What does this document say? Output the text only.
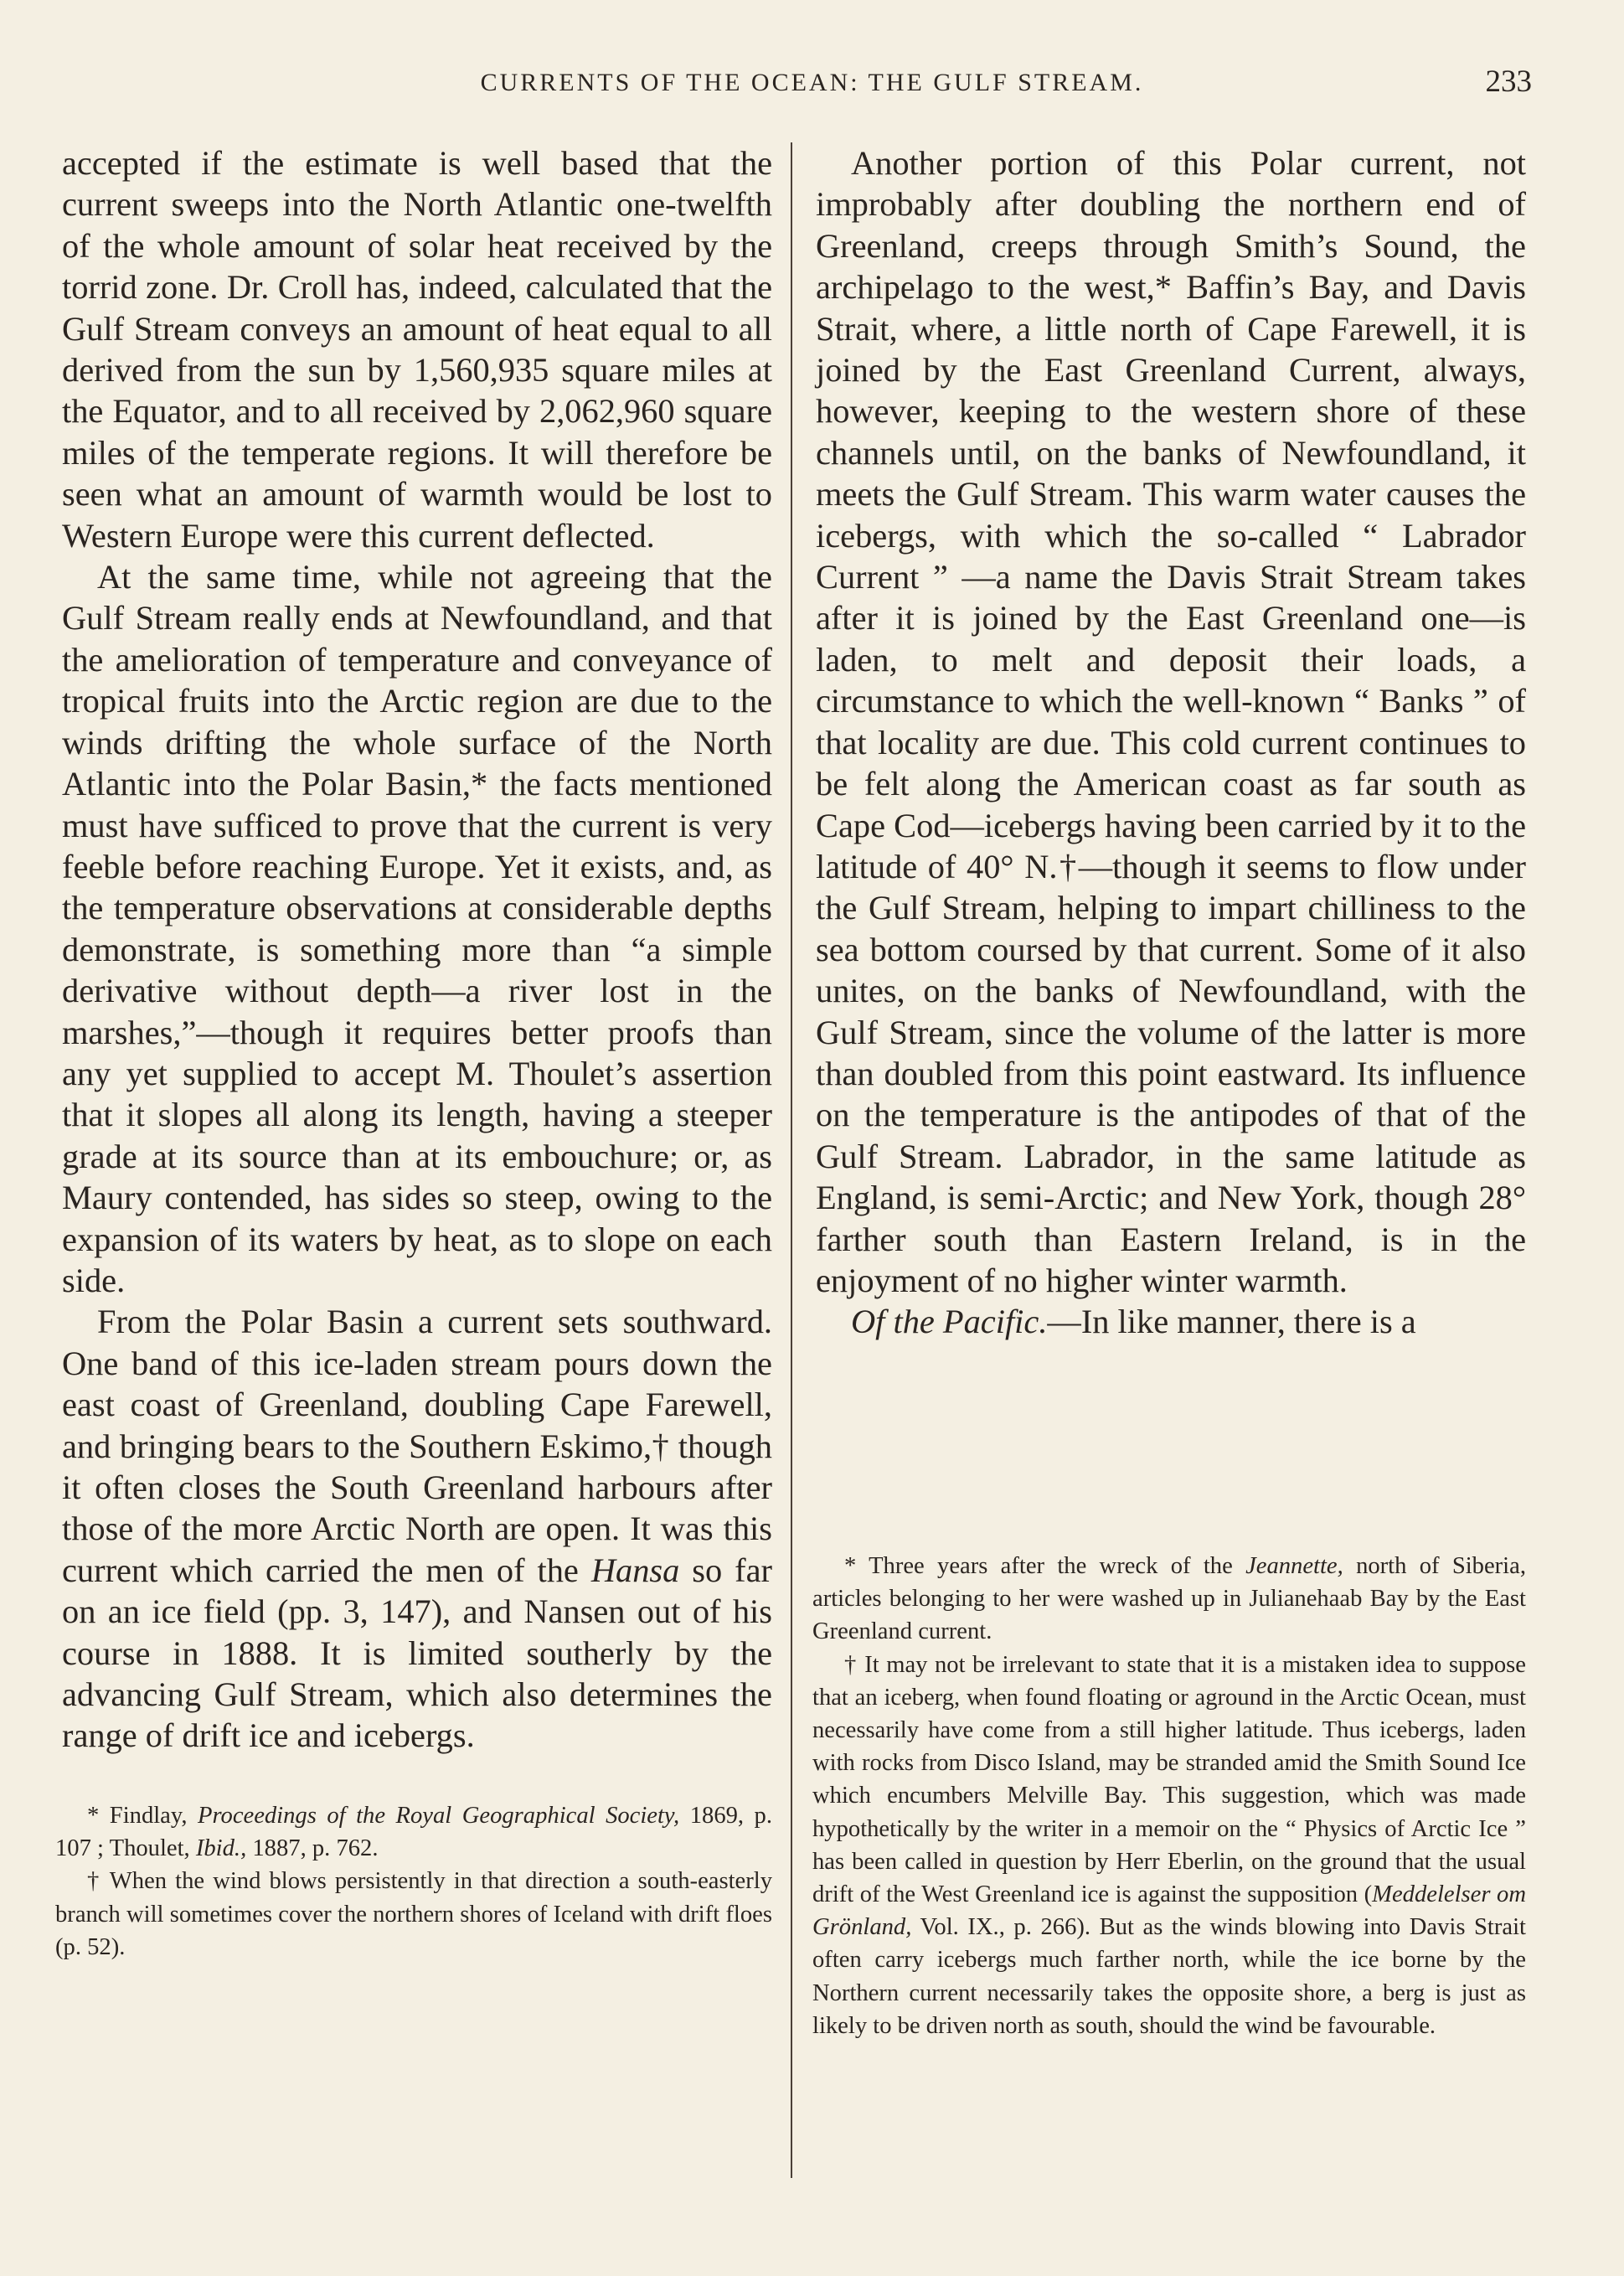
CURRENTS OF THE OCEAN: THE GULF STREAM.	233

accepted if the estimate is well based that the current sweeps into the North Atlantic one-twelfth of the whole amount of solar heat received by the torrid zone. Dr. Croll has, indeed, calculated that the Gulf Stream conveys an amount of heat equal to all derived from the sun by 1,560,935 square miles at the Equator, and to all received by 2,062,960 square miles of the temperate regions. It will therefore be seen what an amount of warmth would be lost to Western Europe were this current deflected.

At the same time, while not agreeing that the Gulf Stream really ends at Newfoundland, and that the amelioration of temperature and conveyance of tropical fruits into the Arctic region are due to the winds drifting the whole surface of the North Atlantic into the Polar Basin,* the facts mentioned must have sufficed to prove that the current is very feeble before reaching Europe. Yet it exists, and, as the temperature observations at considerable depths demonstrate, is something more than “a simple derivative without depth—a river lost in the marshes,”—though it requires better proofs than any yet supplied to accept M. Thoulet’s assertion that it slopes all along its length, having a steeper grade at its source than at its embouchure; or, as Maury contended, has sides so steep, owing to the expansion of its waters by heat, as to slope on each side.

From the Polar Basin a current sets southward. One band of this ice-laden stream pours down the east coast of Greenland, doubling Cape Farewell, and bringing bears to the Southern Eskimo,† though it often closes the South Greenland harbours after those of the more Arctic North are open. It was this current which carried the men of the Hansa so far on an ice field (pp. 3, 147), and Nansen out of his course in 1888. It is limited southerly by the advancing Gulf Stream, which also determines the range of drift ice and icebergs.

* Findlay, Proceedings of the Royal Geographical Society, 1869, p. 107 ; Thoulet, Ibid., 1887, p. 762.

† When the wind blows persistently in that direction a south-easterly branch will sometimes cover the northern shores of Iceland with drift floes (p. 52).

Another portion of this Polar current, not improbably after doubling the northern end of Greenland, creeps through Smith’s Sound, the archipelago to the west,* Baffin’s Bay, and Davis Strait, where, a little north of Cape Farewell, it is joined by the East Greenland Current, always, however, keeping to the western shore of these channels until, on the banks of Newfoundland, it meets the Gulf Stream. This warm water causes the icebergs, with which the so-called “ Labrador Current ” —a name the Davis Strait Stream takes after it is joined by the East Greenland one—is laden, to melt and deposit their loads, a circumstance to which the well-known “ Banks ” of that locality are due. This cold current continues to be felt along the American coast as far south as Cape Cod—icebergs having been carried by it to the latitude of 40° N.†—though it seems to flow under the Gulf Stream, helping to impart chilliness to the sea bottom coursed by that current. Some of it also unites, on the banks of Newfoundland, with the Gulf Stream, since the volume of the latter is more than doubled from this point eastward. Its influence on the temperature is the antipodes of that of the Gulf Stream. Labrador, in the same latitude as England, is semi-Arctic; and New York, though 28° farther south than Eastern Ireland, is in the enjoyment of no higher winter warmth.

Of the Pacific.—In like manner, there is a

* Three years after the wreck of the Jeannette, north of Siberia, articles belonging to her were washed up in Julianehaab Bay by the East Greenland current.

† It may not be irrelevant to state that it is a mistaken idea to suppose that an iceberg, when found floating or aground in the Arctic Ocean, must necessarily have come from a still higher latitude. Thus icebergs, laden with rocks from Disco Island, may be stranded amid the Smith Sound Ice which encumbers Melville Bay. This suggestion, which was made hypothetically by the writer in a memoir on the “ Physics of Arctic Ice ” has been called in question by Herr Eberlin, on the ground that the usual drift of the West Greenland ice is against the supposition (Meddelelser om Grönland, Vol. IX., p. 266). But as the winds blowing into Davis Strait often carry icebergs much farther north, while the ice borne by the Northern current necessarily takes the opposite shore, a berg is just as likely to be driven north as south, should the wind be favourable.
